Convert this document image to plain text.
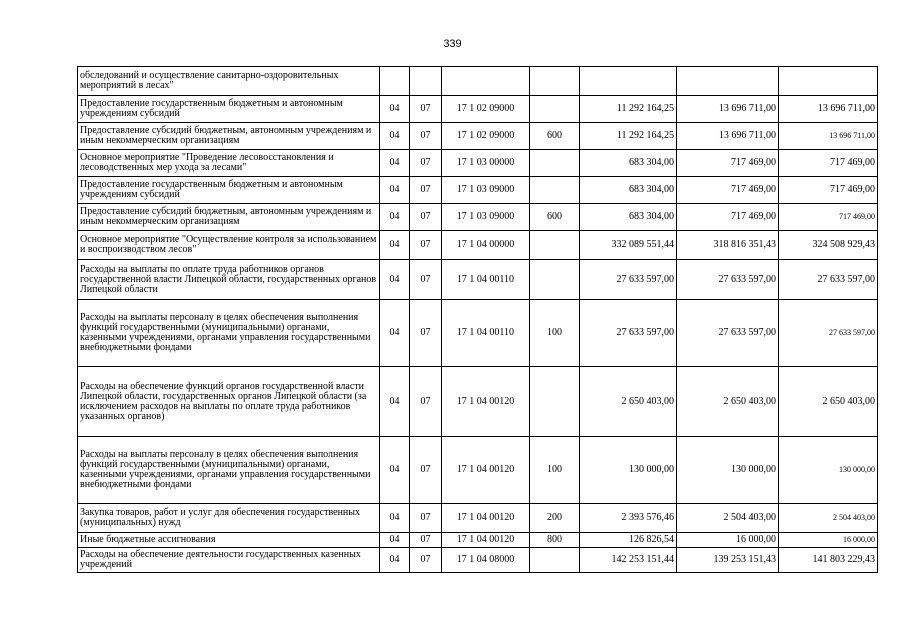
339
обследований и осуществление санитарно-оздоровительных мероприятий в лесах"							
Предоставление государственным бюджетным и автономным учреждениям субсидий	04	07	17 1 02 09000		11 292 164,25	13 696 711,00	13 696 711,00
Предоставление субсидий бюджетным, автономным учреждениям и иным некоммерческим организациям	04	07	17 1 02 09000	600	11 292 164,25	13 696 711,00	13 696 711,00
Основное мероприятие "Проведение лесовосстановления и лесоводственных мер ухода за лесами"	04	07	17 1 03 00000		683 304,00	717 469,00	717 469,00
Предоставление государственным бюджетным и автономным учреждениям субсидий	04	07	17 1 03 09000		683 304,00	717 469,00	717 469,00
Предоставление субсидий бюджетным, автономным учреждениям и иным некоммерческим организациям	04	07	17 1 03 09000	600	683 304,00	717 469,00	717 469,00
Основное мероприятие "Осуществление контроля за использованием и воспроизводством лесов"	04	07	17 1 04 00000		332 089 551,44	318 816 351,43	324 508 929,43
Расходы на выплаты по оплате труда работников органов государственной власти Липецкой области, государственных органов Липецкой области	04	07	17 1 04 00110		27 633 597,00	27 633 597,00	27 633 597,00
Расходы на выплаты персоналу в целях обеспечения выполнения функций государственными (муниципальными) органами, казенными учреждениями, органами управления государственными внебюджетными фондами	04	07	17 1 04 00110	100	27 633 597,00	27 633 597,00	27 633 597,00
Расходы на обеспечение функций органов государственной власти Липецкой области, государственных органов Липецкой области (за исключением расходов на выплаты по оплате труда работников указанных органов)	04	07	17 1 04 00120		2 650 403,00	2 650 403,00	2 650 403,00
Расходы на выплаты персоналу в целях обеспечения выполнения функций государственными (муниципальными) органами, казенными учреждениями, органами управления государственными внебюджетными фондами	04	07	17 1 04 00120	100	130 000,00	130 000,00	130 000,00
Закупка товаров, работ и услуг для обеспечения государственных (муниципальных) нужд	04	07	17 1 04 00120	200	2 393 576,46	2 504 403,00	2 504 403,00
Иные бюджетные ассигнования	04	07	17 1 04 00120	800	126 826,54	16 000,00	16 000,00
Расходы на обеспечение деятельности государственных казенных учреждений	04	07	17 1 04 08000		142 253 151,44	139 253 151,43	141 803 229,43
